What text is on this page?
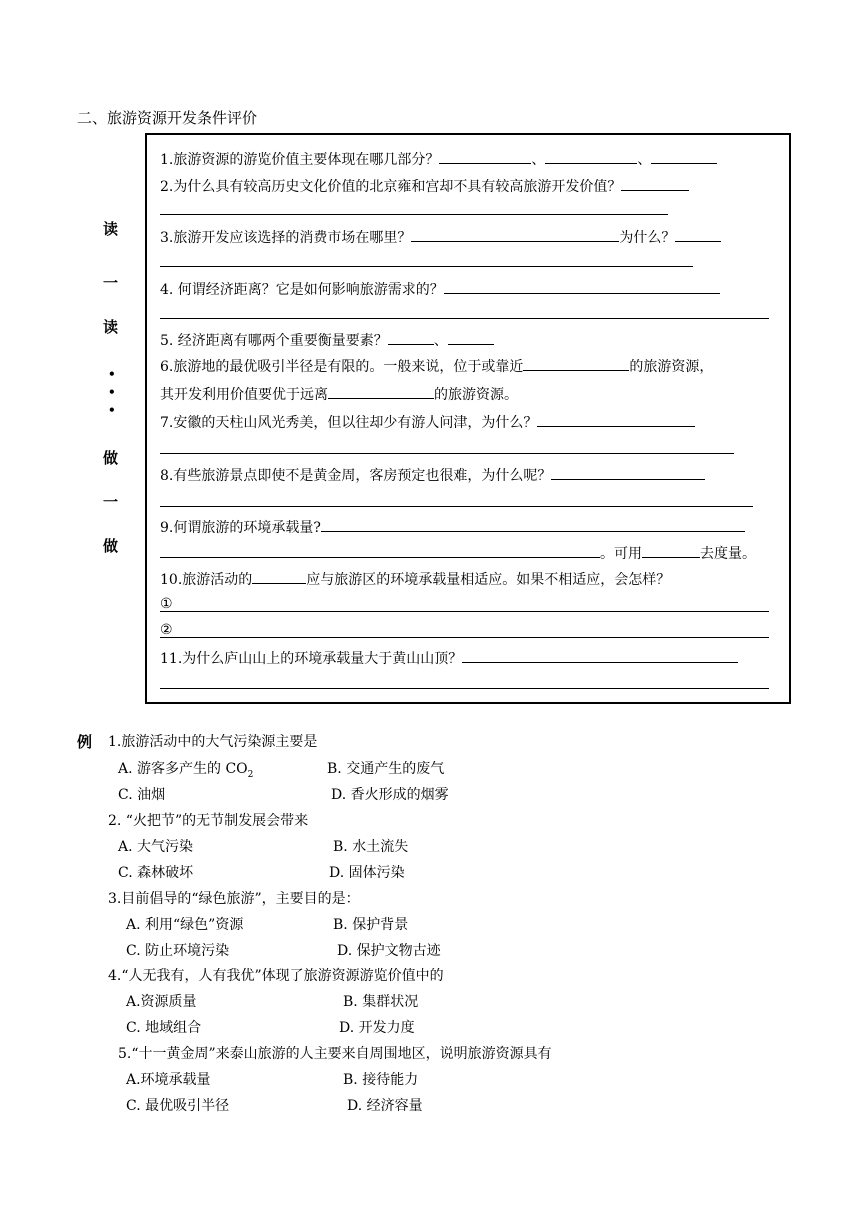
二、旅游资源开发条件评价
读
一
读
•
•
•
做
一
做
1.旅游资源的游览价值主要体现在哪几部分？	、	、
2.为什么具有较高历史文化价值的北京雍和宫却不具有较高旅游开发价值？
3.旅游开发应该选择的消费市场在哪里？	为什么？
4. 何谓经济距离？它是如何影响旅游需求的？
5. 经济距离有哪两个重要衡量要素？	、
6.旅游地的最优吸引半径是有限的。一般来说，位于或靠近	的旅游资源，
其开发利用价值要优于远离	的旅游资源。
7.安徽的天柱山风光秀美，但以往却少有游人问津，为什么？
8.有些旅游景点即使不是黄金周，客房预定也很难，为什么呢？
9.何谓旅游的环境承载量?
。可用	去度量。
10.旅游活动的	应与旅游区的环境承载量相适应。如果不相适应，会怎样？
①
②
11.为什么庐山山上的环境承载量大于黄山山顶？
例 1.旅游活动中的大气污染源主要是
A. 游客多产生的 $CO_2$	B. 交通产生的废气
C. 油烟	D. 香火形成的烟雾
2. “火把节”的无节制发展会带来
A. 大气污染	B. 水土流失
C. 森林破坏	D. 固体污染
3.目前倡导的“绿色旅游”，主要目的是：
A. 利用“绿色”资源	B. 保护背景
C. 防止环境污染	D. 保护文物古迹
4.“人无我有，人有我优”体现了旅游资源游览价值中的
A.资源质量	B. 集群状况
C. 地域组合	D. 开发力度
5.“十一黄金周”来泰山旅游的人主要来自周围地区，说明旅游资源具有
A.环境承载量	B. 接待能力
C. 最优吸引半径	D. 经济容量
